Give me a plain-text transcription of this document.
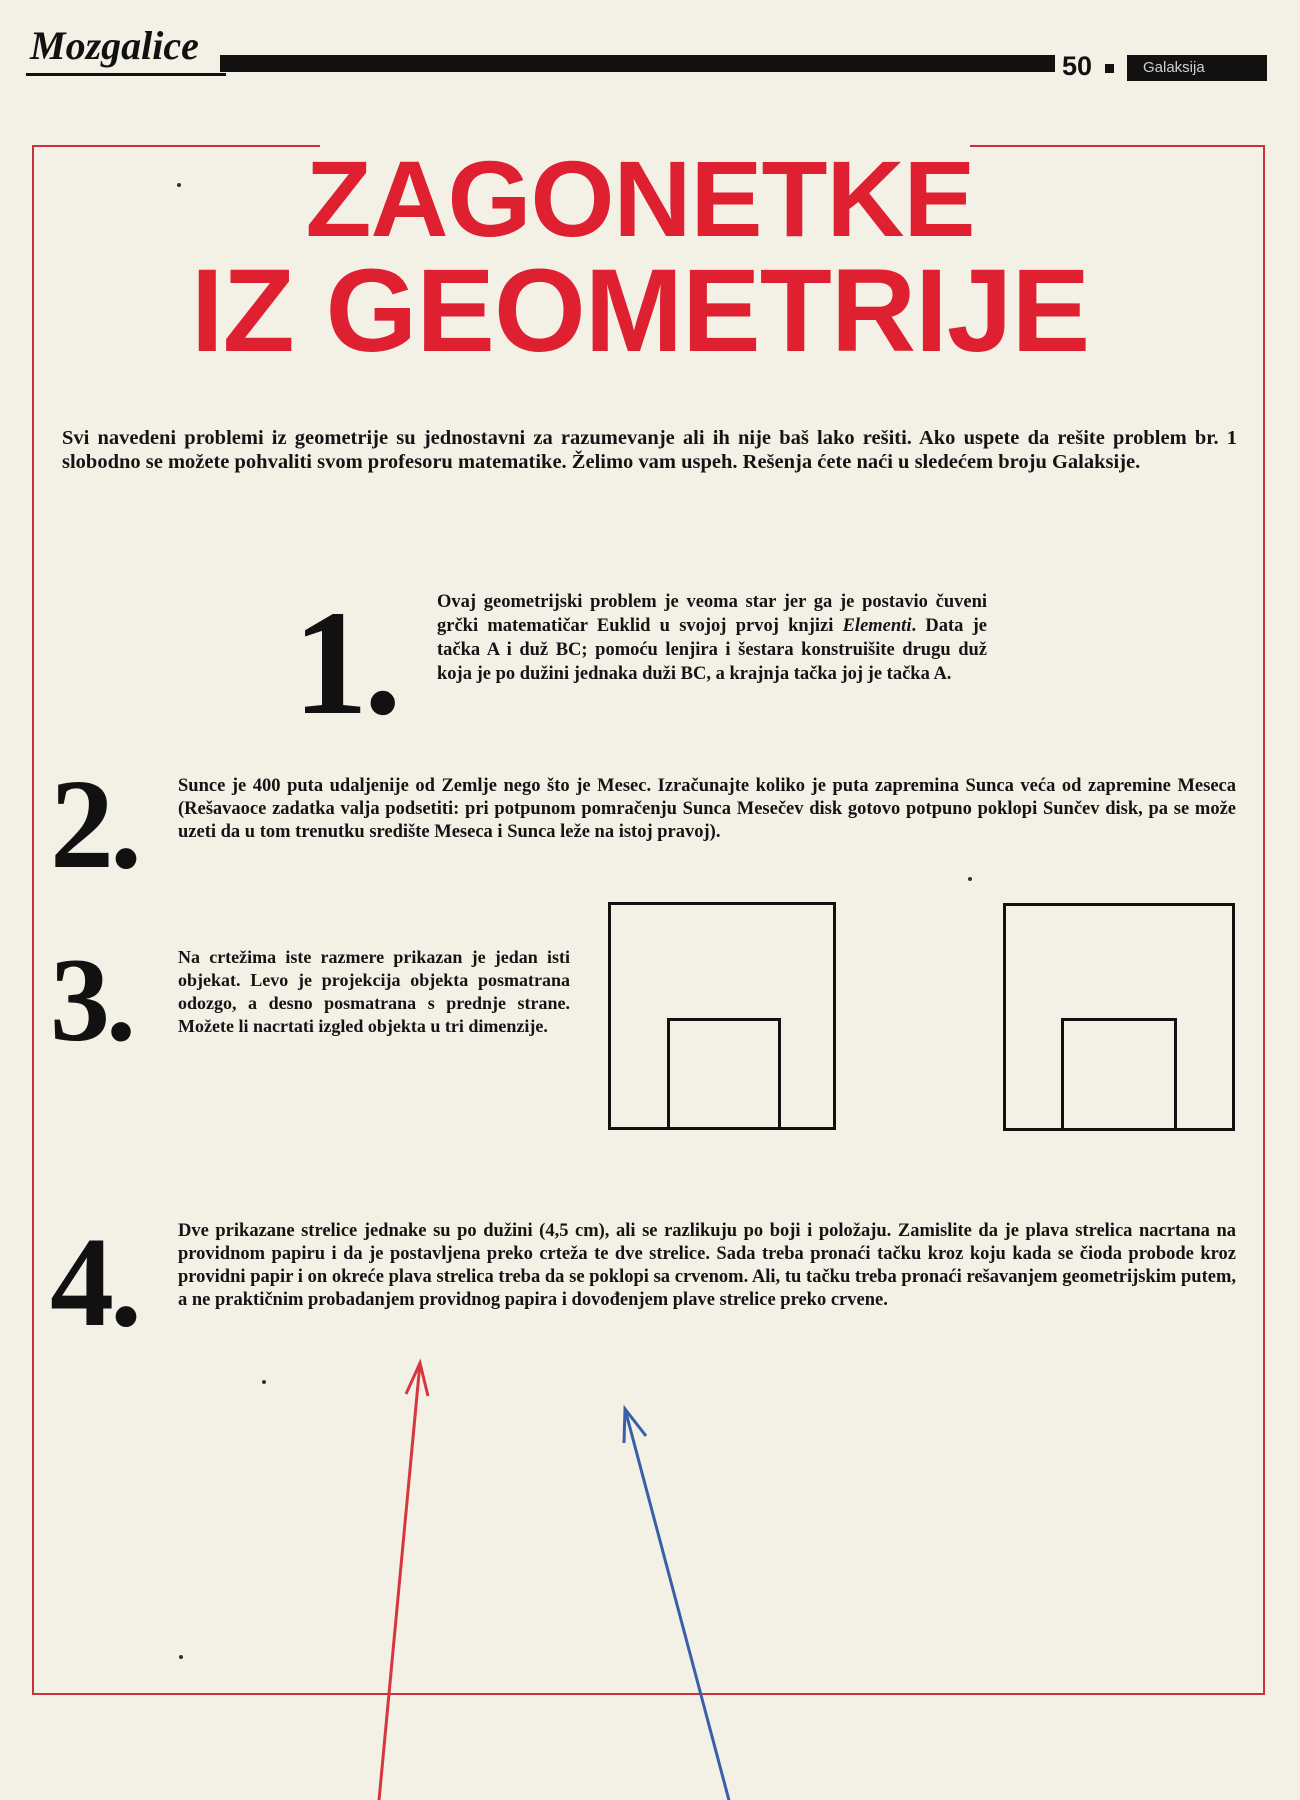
Mozgalice	50	Galaksija
ZAGONETKE
IZ GEOMETRIJE

Svi navedeni problemi iz geometrije su jednostavni za razumevanje ali ih nije baš lako rešiti. Ako uspete da rešite problem br. 1 slobodno se možete pohvaliti svom profesoru matematike. Želimo vam uspeh. Rešenja ćete naći u sledećem broju Galaksije.

1. Ovaj geometrijski problem je veoma star jer ga je postavio čuveni grčki matematičar Euklid u svojoj prvoj knjizi Elementi. Data je tačka A i duž BC; pomoću lenjira i šestara konstruišite drugu duž koja je po dužini jednaka duži BC, a krajnja tačka joj je tačka A.

2. Sunce je 400 puta udaljenije od Zemlje nego što je Mesec. Izračunajte koliko je puta zapremina Sunca veća od zapremine Meseca (Rešavaoce zadatka valja podsetiti: pri potpunom pomračenju Sunca Mesečev disk gotovo potpuno poklopi Sunčev disk, pa se može uzeti da u tom trenutku središte Meseca i Sunca leže na istoj pravoj).

3.	Na crtežima iste razmere prikazan je jedan isti objekat. Levo je projekcija objekta posmatrana odozgo, a desno posmatrana s prednje strane. Možete li nacrtati izgled objekta u tri dimenzije.

4. Dve prikazane strelice jednake su po dužini (4,5 cm), ali se razlikuju po boji i položaju. Zamislite da je plava strelica nacrtana na providnom papiru i da je postavljena preko crteža te dve strelice. Sada treba pronaći tačku kroz koju kada se čioda probode kroz providni papir i on okreće plava strelica treba da se poklopi sa crvenom. Ali, tu tačku treba pronaći rešavanjem geometrijskim putem, a ne praktičnim probadanjem providnog papira i dovođenjem plave strelice preko crvene.
